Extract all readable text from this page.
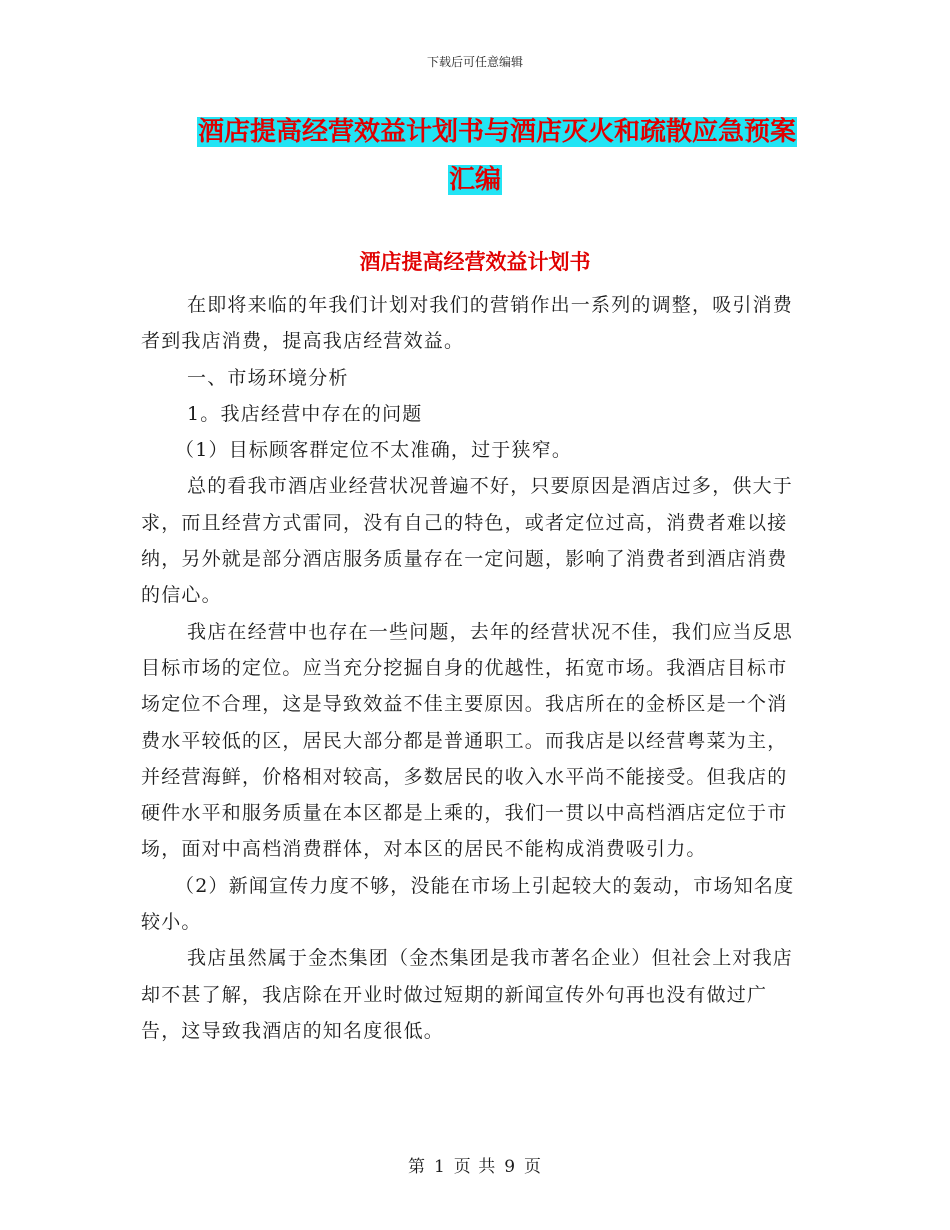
下载后可任意编辑
酒店提高经营效益计划书与酒店灭火和疏散应急预案
汇编
酒店提高经营效益计划书

在即将来临的年我们计划对我们的营销作出一系列的调整，吸引消费者到我店消费，提高我店经营效益。

一、市场环境分析

1。我店经营中存在的问题

（1）目标顾客群定位不太准确，过于狭窄。

总的看我市酒店业经营状况普遍不好，只要原因是酒店过多，供大于求，而且经营方式雷同，没有自己的特色，或者定位过高，消费者难以接纳，另外就是部分酒店服务质量存在一定问题，影响了消费者到酒店消费的信心。

我店在经营中也存在一些问题，去年的经营状况不佳，我们应当反思目标市场的定位。应当充分挖掘自身的优越性，拓宽市场。我酒店目标市场定位不合理，这是导致效益不佳主要原因。我店所在的金桥区是一个消费水平较低的区，居民大部分都是普通职工。而我店是以经营粤菜为主，并经营海鲜，价格相对较高，多数居民的收入水平尚不能接受。但我店的硬件水平和服务质量在本区都是上乘的，我们一贯以中高档酒店定位于市场，面对中高档消费群体，对本区的居民不能构成消费吸引力。

（2）新闻宣传力度不够，没能在市场上引起较大的轰动，市场知名度较小。

我店虽然属于金杰集团（金杰集团是我市著名企业）但社会上对我店却不甚了解，我店除在开业时做过短期的新闻宣传外句再也没有做过广告，这导致我酒店的知名度很低。

第 1 页 共 9 页
